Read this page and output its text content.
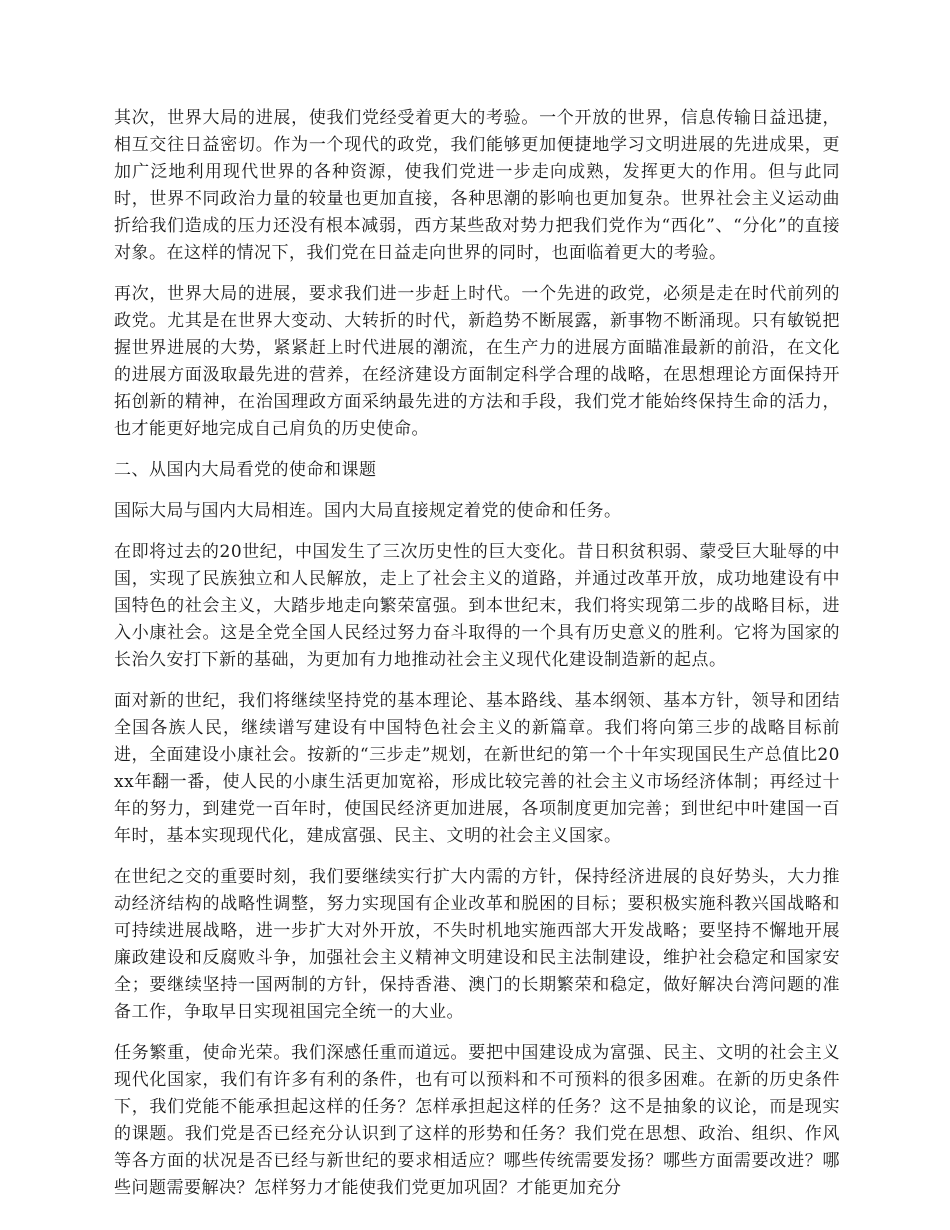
其次，世界大局的进展，使我们党经受着更大的考验。一个开放的世界，信息传输日益迅捷，相互交往日益密切。作为一个现代的政党，我们能够更加便捷地学习文明进展的先进成果，更加广泛地利用现代世界的各种资源，使我们党进一步走向成熟，发挥更大的作用。但与此同时，世界不同政治力量的较量也更加直接，各种思潮的影响也更加复杂。世界社会主义运动曲折给我们造成的压力还没有根本减弱，西方某些敌对势力把我们党作为“西化”、“分化”的直接对象。在这样的情况下，我们党在日益走向世界的同时，也面临着更大的考验。

再次，世界大局的进展，要求我们进一步赶上时代。一个先进的政党，必须是走在时代前列的政党。尤其是在世界大变动、大转折的时代，新趋势不断展露，新事物不断涌现。只有敏锐把握世界进展的大势，紧紧赶上时代进展的潮流，在生产力的进展方面瞄准最新的前沿，在文化的进展方面汲取最先进的营养，在经济建设方面制定科学合理的战略，在思想理论方面保持开拓创新的精神，在治国理政方面采纳最先进的方法和手段，我们党才能始终保持生命的活力，也才能更好地完成自己肩负的历史使命。

二、从国内大局看党的使命和课题

国际大局与国内大局相连。国内大局直接规定着党的使命和任务。

在即将过去的20世纪，中国发生了三次历史性的巨大变化。昔日积贫积弱、蒙受巨大耻辱的中国，实现了民族独立和人民解放，走上了社会主义的道路，并通过改革开放，成功地建设有中国特色的社会主义，大踏步地走向繁荣富强。到本世纪末，我们将实现第二步的战略目标，进入小康社会。这是全党全国人民经过努力奋斗取得的一个具有历史意义的胜利。它将为国家的长治久安打下新的基础，为更加有力地推动社会主义现代化建设制造新的起点。

面对新的世纪，我们将继续坚持党的基本理论、基本路线、基本纲领、基本方针，领导和团结全国各族人民，继续谱写建设有中国特色社会主义的新篇章。我们将向第三步的战略目标前进，全面建设小康社会。按新的“三步走”规划，在新世纪的第一个十年实现国民生产总值比20xx年翻一番，使人民的小康生活更加宽裕，形成比较完善的社会主义市场经济体制；再经过十年的努力，到建党一百年时，使国民经济更加进展，各项制度更加完善；到世纪中叶建国一百年时，基本实现现代化，建成富强、民主、文明的社会主义国家。

在世纪之交的重要时刻，我们要继续实行扩大内需的方针，保持经济进展的良好势头，大力推动经济结构的战略性调整，努力实现国有企业改革和脱困的目标；要积极实施科教兴国战略和可持续进展战略，进一步扩大对外开放，不失时机地实施西部大开发战略；要坚持不懈地开展廉政建设和反腐败斗争，加强社会主义精神文明建设和民主法制建设，维护社会稳定和国家安全；要继续坚持一国两制的方针，保持香港、澳门的长期繁荣和稳定，做好解决台湾问题的准备工作，争取早日实现祖国完全统一的大业。

任务繁重，使命光荣。我们深感任重而道远。要把中国建设成为富强、民主、文明的社会主义现代化国家，我们有许多有利的条件，也有可以预料和不可预料的很多困难。在新的历史条件下，我们党能不能承担起这样的任务？怎样承担起这样的任务？这不是抽象的议论，而是现实的课题。我们党是否已经充分认识到了这样的形势和任务？我们党在思想、政治、组织、作风等各方面的状况是否已经与新世纪的要求相适应？哪些传统需要发扬？哪些方面需要改进？哪些问题需要解决？怎样努力才能使我们党更加巩固？才能更加充分
